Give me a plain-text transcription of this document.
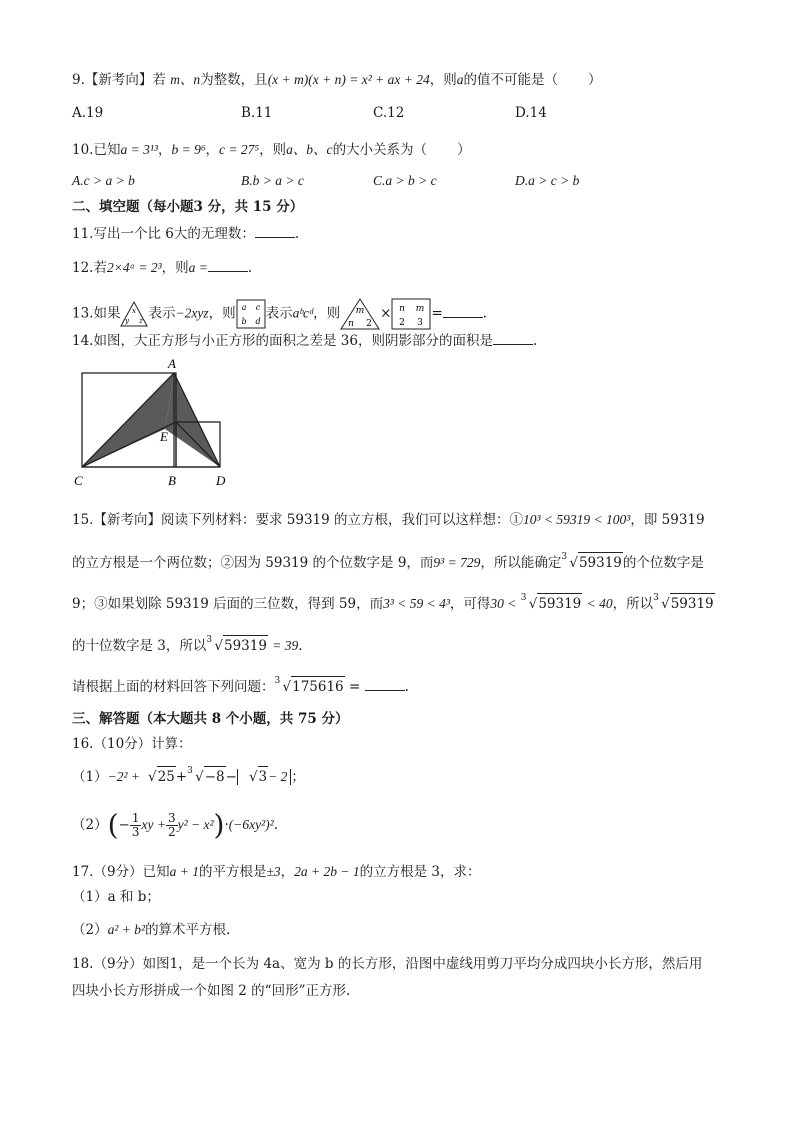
9.【新考向】若 m、n为整数，且(x + m)(x + n) = x² + ax + 24，则a的值不可能是（ ）
A.19	B.11	C.12	D.14
10.已知a = 3¹³，b = 9⁶，c = 27⁵，则a、b、c的大小关系为（ ）
A.c > a > b	B.b > a > c	C.a > b > c	D.a > c > b
二、填空题（每小题3 分，共 15 分）
11.写出一个比 6大的无理数：	.
12.若2×4ᵃ = 2³，则a =	.
13.如果 x
y z 表示−2xyz，则 a c
b d 表示aᵇcᵈ，则 m
n 2
× n m
2 3
=	.
14.如图，大正方形与小正方形的面积之差是 36，则阴影部分的面积是	.
A
E
C	B	D
15.【新考向】阅读下列材料：要求 59319 的立方根，我们可以这样想：①10³ < 59319 < 100³，即 59319
的立方根是一个两位数；②因为 59319 的个位数字是 9，而9³ = 729，所以能确定 3 √59319的个位数字是
9；③如果划除 59319 后面的三位数，得到 59，而3³ < 59 < 4³，可得30 < 3 √59319 < 40，所以 3 √59319
的十位数字是 3，所以 3 √59319 = 39.
请根据上面的材料回答下列问题： 3 √175616 =	.
三、解答题（本大题共 8 个小题，共 75 分）
16.（10分）计算：
（1）−2² + √25+ 3 √−8− √3− 2 ；
$(2)(- \frac{1}{3}$ xy + $\frac{3}{2} y^2 - x^2)\cdot(-6xy^2)^2$.
17.（9分）已知a + 1的平方根是±3，2a + 2b − 1的立方根是 3，求：
（1）a 和 b；
（2）a² + b²的算术平方根.
18.（9分）如图1，是一个长为 4a、宽为 b 的长方形，沿图中虚线用剪刀平均分成四块小长方形，然后用
四块小长方形拼成一个如图 2 的“回形”正方形.
